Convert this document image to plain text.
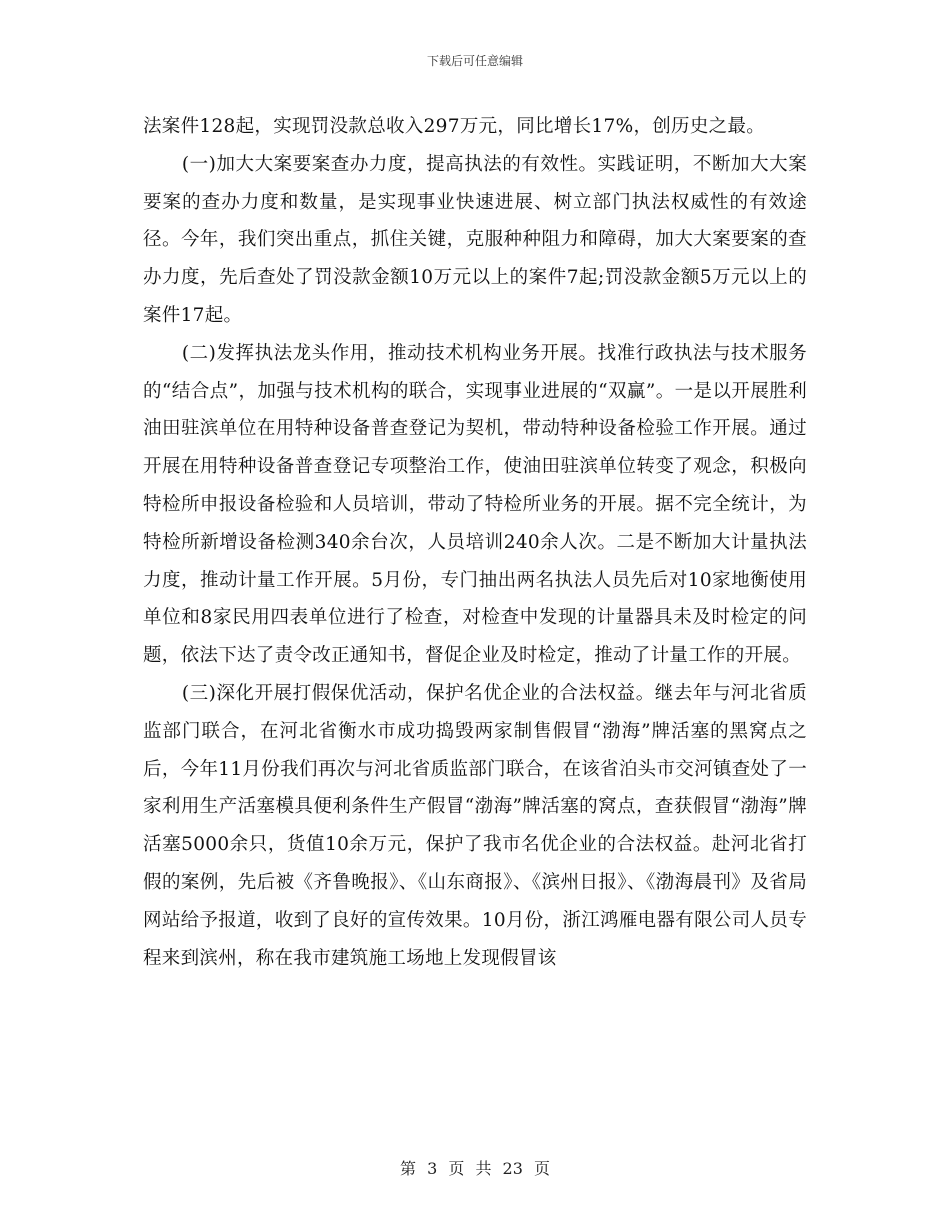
下载后可任意编辑

法案件128起，实现罚没款总收入297万元，同比增长17%，创历史之最。

(一)加大大案要案查办力度，提高执法的有效性。实践证明，不断加大大案要案的查办力度和数量，是实现事业快速进展、树立部门执法权威性的有效途径。今年，我们突出重点，抓住关键，克服种种阻力和障碍，加大大案要案的查办力度，先后查处了罚没款金额10万元以上的案件7起;罚没款金额5万元以上的案件17起。

(二)发挥执法龙头作用，推动技术机构业务开展。找准行政执法与技术服务的“结合点”，加强与技术机构的联合，实现事业进展的“双赢”。一是以开展胜利油田驻滨单位在用特种设备普查登记为契机，带动特种设备检验工作开展。通过开展在用特种设备普查登记专项整治工作，使油田驻滨单位转变了观念，积极向特检所申报设备检验和人员培训，带动了特检所业务的开展。据不完全统计，为特检所新增设备检测340余台次，人员培训240余人次。二是不断加大计量执法力度，推动计量工作开展。5月份，专门抽出两名执法人员先后对10家地衡使用单位和8家民用四表单位进行了检查，对检查中发现的计量器具未及时检定的问题，依法下达了责令改正通知书，督促企业及时检定，推动了计量工作的开展。

(三)深化开展打假保优活动，保护名优企业的合法权益。继去年与河北省质监部门联合，在河北省衡水市成功捣毁两家制售假冒“渤海”牌活塞的黑窝点之后，今年11月份我们再次与河北省质监部门联合，在该省泊头市交河镇查处了一家利用生产活塞模具便利条件生产假冒“渤海”牌活塞的窝点，查获假冒“渤海”牌活塞5000余只，货值10余万元，保护了我市名优企业的合法权益。赴河北省打假的案例，先后被《齐鲁晚报》、《山东商报》、《滨州日报》、《渤海晨刊》及省局网站给予报道，收到了良好的宣传效果。10月份，浙江鸿雁电器有限公司人员专程来到滨州，称在我市建筑施工场地上发现假冒该

第 3 页 共 23 页
